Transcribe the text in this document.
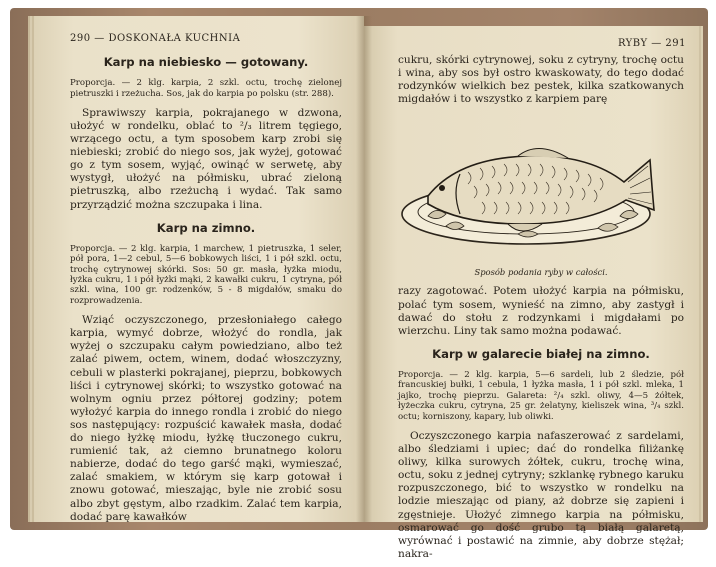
290 — DOSKONAŁA KUCHNIA
Karp na niebiesko — gotowany.
Proporcja. — 2 klg. karpia, 2 szkl. octu, trochę zielonej pietruszki i rzeżucha. Sos, jak do karpia po polsku (str. 288).

Sprawiwszy karpia, pokrajanego w dzwona, ułożyć w rondelku, oblać to ²/₃ litrem tęgiego, wrzącego octu, a tym sposobem karp zrobi się niebieski; zrobić do niego sos, jak wyżej, gotować go z tym sosem, wyjąć, owinąć w serwetę, aby wystygł, ułożyć na półmisku, ubrać zieloną pietruszką, albo rzeżuchą i wydać. Tak samo przyrządzić można szczupaka i lina.

Karp na zimno.
Proporcja. — 2 klg. karpia, 1 marchew, 1 pietruszka, 1 seler, pół pora, 1—2 cebul, 5—6 bobkowych liści, 1 i pół szkl. octu, trochę cytrynowej skórki. Sos: 50 gr. masła, łyżka miodu, łyżka cukru, 1 i pół łyżki mąki, 2 kawałki cukru, 1 cytryna, pół szkl. wina, 100 gr. rodzenków, 5 - 8 migdałów, smaku do rozprowadzenia.

Wziąć oczyszczonego, przesłoniałego całego karpia, wymyć dobrze, włożyć do rondla, jak wyżej o szczupaku całym powiedziano, albo też zalać piwem, octem, winem, dodać włoszczyzny, cebuli w plasterki pokrajanej, pieprzu, bobkowych liści i cytrynowej skórki; to wszystko gotować na wolnym ogniu przez półtorej godziny; potem wyłożyć karpia do innego rondla i zrobić do niego sos następujący: rozpuścić kawałek masła, dodać do niego łyżkę miodu, łyżkę tłuczonego cukru, rumienić tak, aż ciemno brunatnego koloru nabierze, dodać do tego garść mąki, wymieszać, zalać smakiem, w którym się karp gotował i znowu gotować, mieszając, byle nie zrobić sosu albo zbyt gęstym, albo rzadkim. Zalać tem karpia, dodać parę kawałków

RYBY — 291

cukru, skórki cytrynowej, soku z cytryny, trochę octu i wina, aby sos był ostro kwaskowaty, do tego dodać rodzynków wielkich bez pestek, kilka szatkowanych migdałów i to wszystko z karpiem parę

Sposób podania ryby w całości.

razy zagotować. Potem ułożyć karpia na półmisku, polać tym sosem, wynieść na zimno, aby zastygł i dawać do stołu z rodzynkami i migdałami po wierzchu. Liny tak samo można podawać.

Karp w galarecie białej na zimno.
Proporcja. — 2 klg. karpia, 5—6 sardeli, lub 2 śledzie, pół francuskiej bułki, 1 cebula, 1 łyżka masła, 1 i pół szkl. mleka, 1 jajko, trochę pieprzu. Galareta: ²/₄ szkl. oliwy, 4—5 żółtek, łyżeczka cukru, cytryna, 25 gr. żelatyny, kieliszek wina, ³/₄ szkl. octu; korniszony, kapary, lub oliwki.

Oczyszczonego karpia nafaszerować z sardelami, albo śledziami i upiec; dać do rondelka filiżankę oliwy, kilka surowych żółtek, cukru, trochę wina, octu, soku z jednej cytryny; szklankę rybnego karuku rozpuszczonego, bić to wszystko w rondelku na lodzie mieszając od piany, aż dobrze się zapieni i zgęstnieje. Ułożyć zimnego karpia na półmisku, osmarować go dość grubo tą białą galaretą, wyrównać i postawić na zimnie, aby dobrze stężał; nakra-
